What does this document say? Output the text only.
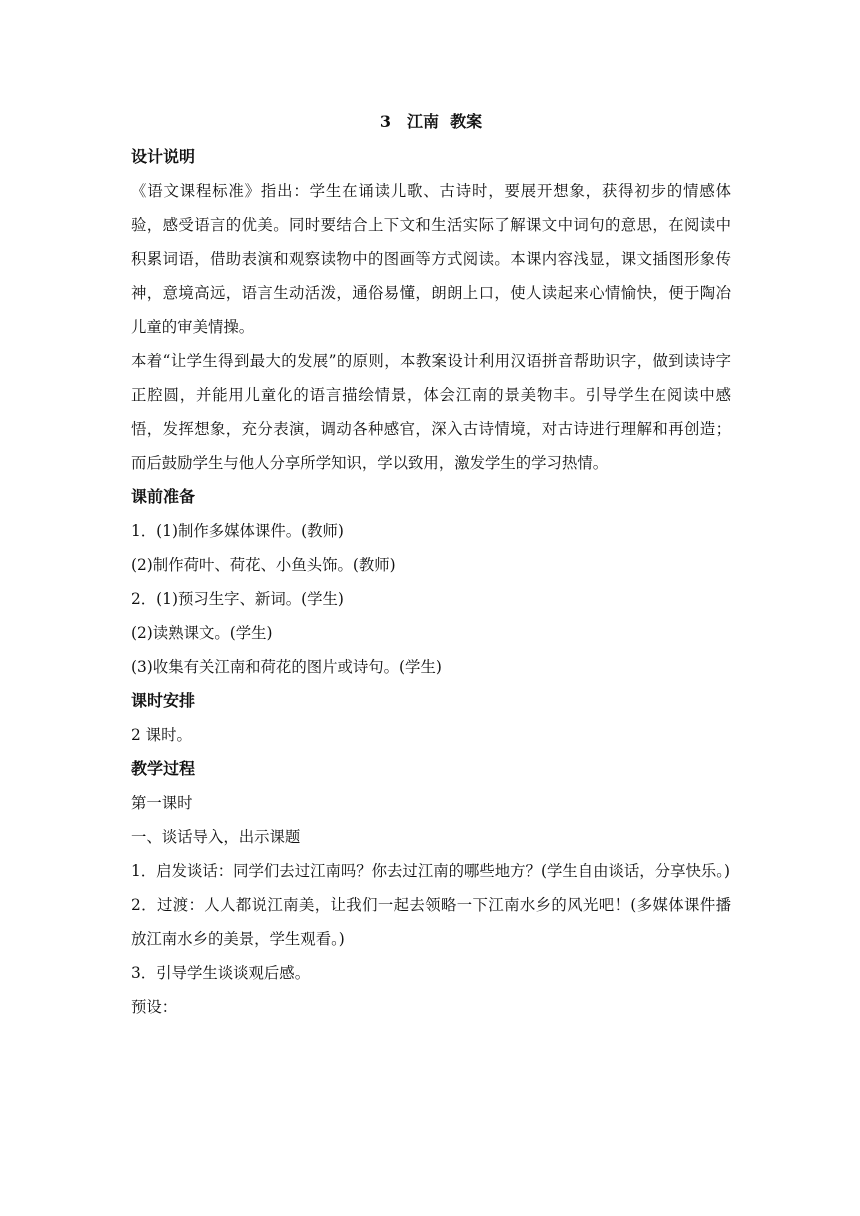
3　江南  教案
设计说明

《语文课程标准》指出：学生在诵读儿歌、古诗时，要展开想象，获得初步的情感体验，感受语言的优美。同时要结合上下文和生活实际了解课文中词句的意思，在阅读中积累词语，借助表演和观察读物中的图画等方式阅读。本课内容浅显，课文插图形象传神，意境高远，语言生动活泼，通俗易懂，朗朗上口，使人读起来心情愉快，便于陶冶儿童的审美情操。

本着“让学生得到最大的发展”的原则，本教案设计利用汉语拼音帮助识字，做到读诗字正腔圆，并能用儿童化的语言描绘情景，体会江南的景美物丰。引导学生在阅读中感悟，发挥想象，充分表演，调动各种感官，深入古诗情境，对古诗进行理解和再创造；而后鼓励学生与他人分享所学知识，学以致用，激发学生的学习热情。

课前准备

1．(1)制作多媒体课件。(教师)

(2)制作荷叶、荷花、小鱼头饰。(教师)

2．(1)预习生字、新词。(学生)

(2)读熟课文。(学生)

(3)收集有关江南和荷花的图片或诗句。(学生)

课时安排

2 课时。

教学过程

第一课时

一、谈话导入，出示课题

1．启发谈话：同学们去过江南吗？你去过江南的哪些地方？(学生自由谈话，分享快乐。)

2．过渡：人人都说江南美，让我们一起去领略一下江南水乡的风光吧！(多媒体课件播放江南水乡的美景，学生观看。)

3．引导学生谈谈观后感。

预设：
